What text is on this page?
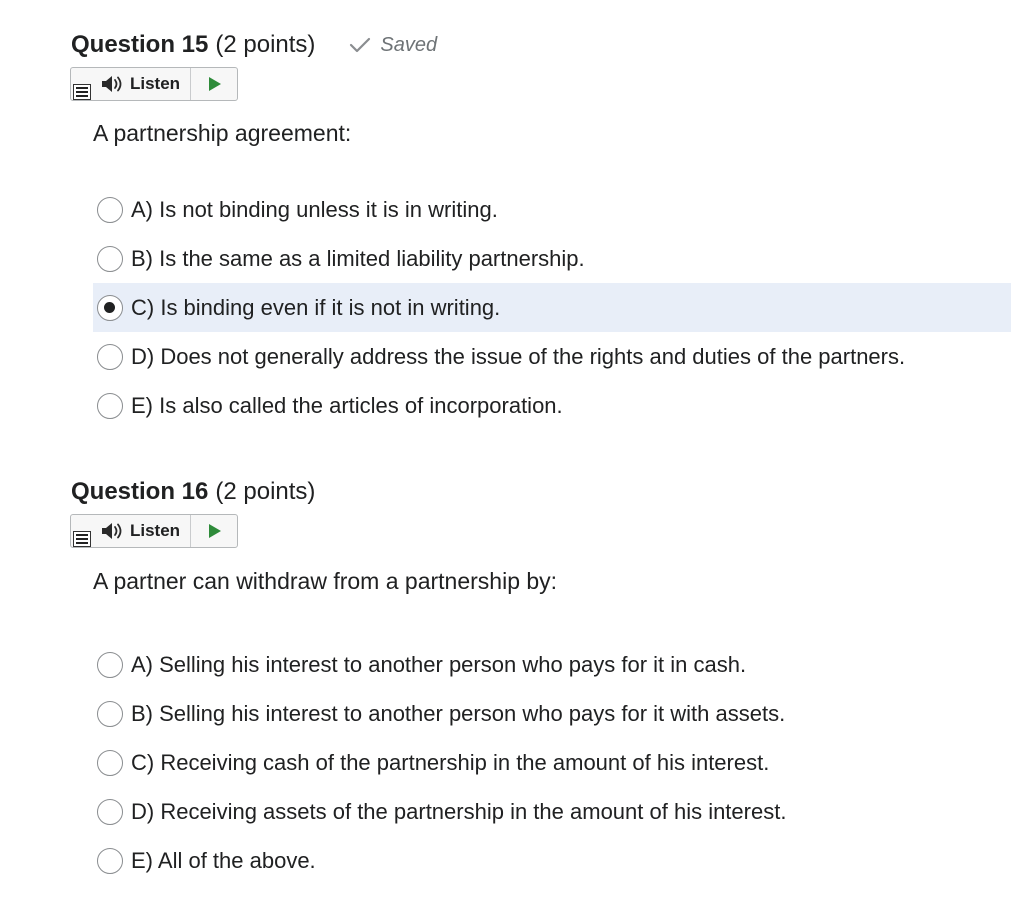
Question 15 (2 points)	Saved
Listen
A partnership agreement:
A) Is not binding unless it is in writing.
B) Is the same as a limited liability partnership.
C) Is binding even if it is not in writing.
D) Does not generally address the issue of the rights and duties of the partners.
E) Is also called the articles of incorporation.
Question 16 (2 points)
Listen
A partner can withdraw from a partnership by:
A) Selling his interest to another person who pays for it in cash.
B) Selling his interest to another person who pays for it with assets.
C) Receiving cash of the partnership in the amount of his interest.
D) Receiving assets of the partnership in the amount of his interest.
E) All of the above.
